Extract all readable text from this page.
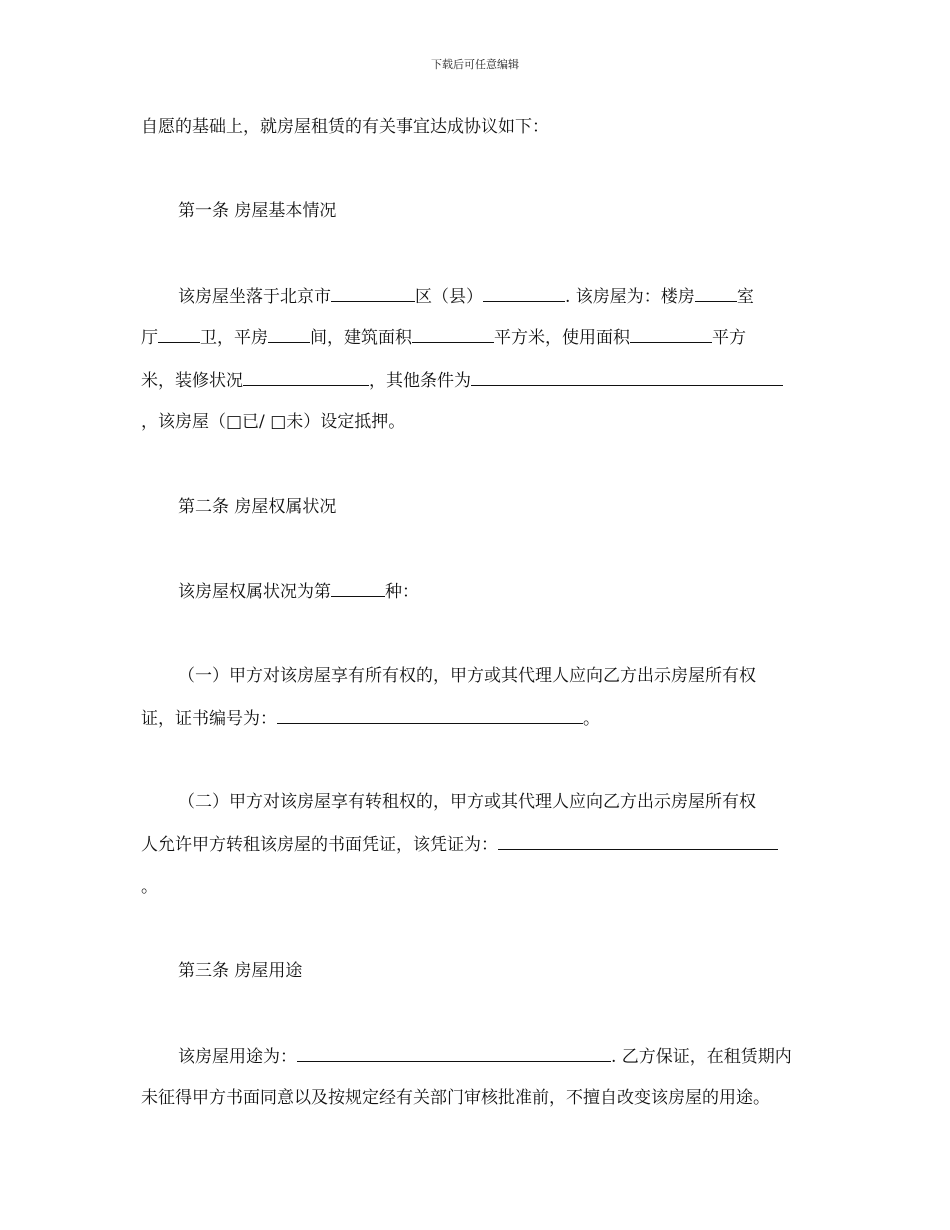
下载后可任意编辑
自愿的基础上，就房屋租赁的有关事宜达成协议如下：
第一条 房屋基本情况
该房屋坐落于北京市	区（县）	. 该房屋为：楼房 室
厅 卫，平房 间，建筑面积	平方米，使用面积	平方
米，装修状况	，其他条件为
，该房屋（□已/ □未）设定抵押。
第二条 房屋权属状况
该房屋权属状况为第	种：
（一）甲方对该房屋享有所有权的，甲方或其代理人应向乙方出示房屋所有权
证，证书编号为：	。
（二）甲方对该房屋享有转租权的，甲方或其代理人应向乙方出示房屋所有权
人允许甲方转租该房屋的书面凭证，该凭证为：
。
第三条 房屋用途
该房屋用途为：	. 乙方保证，在租赁期内
未征得甲方书面同意以及按规定经有关部门审核批准前，不擅自改变该房屋的用途。
